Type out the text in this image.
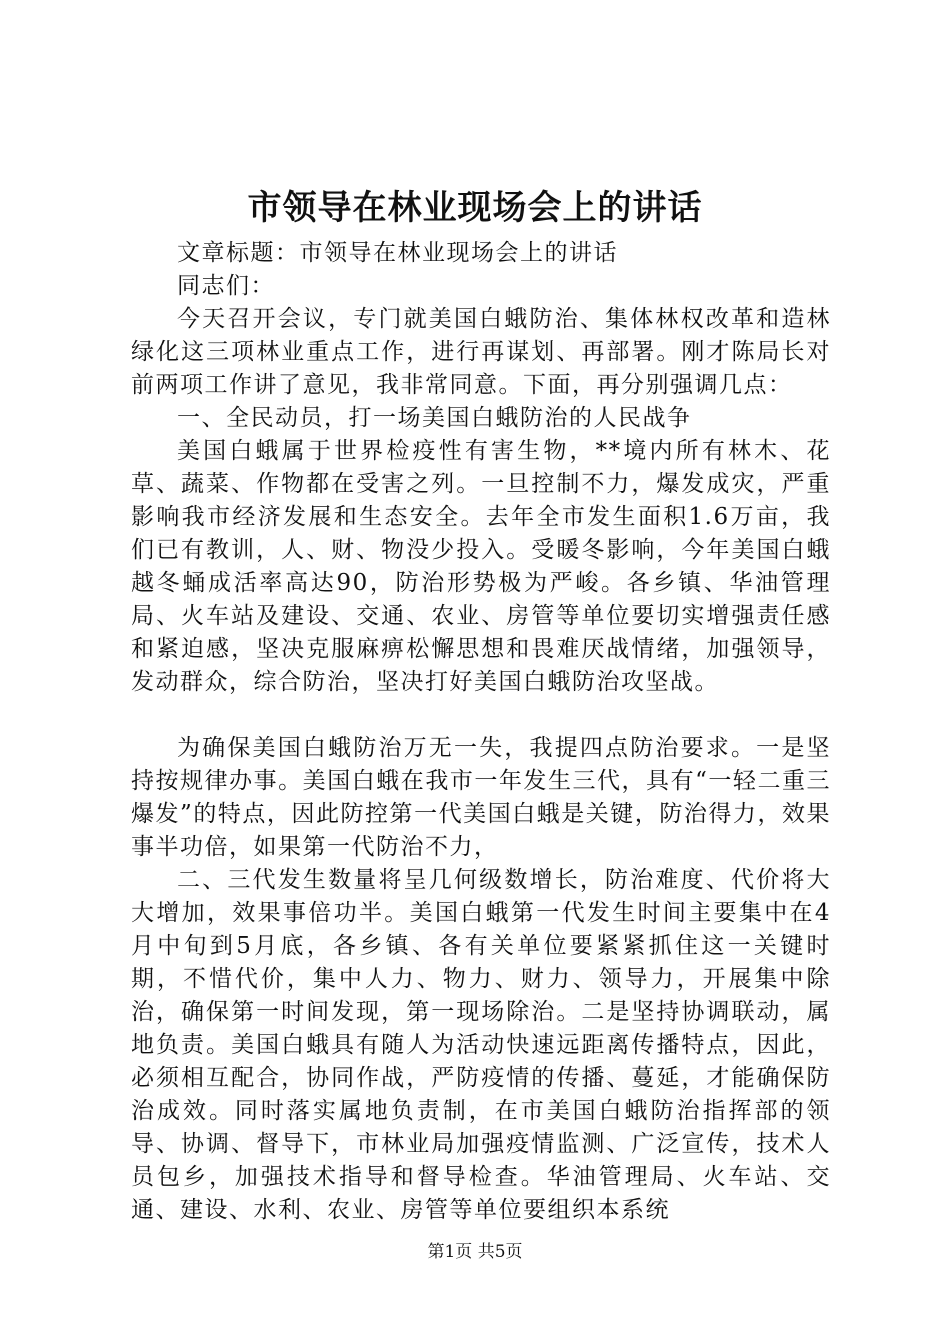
市领导在林业现场会上的讲话

文章标题：市领导在林业现场会上的讲话

同志们：

今天召开会议，专门就美国白蛾防治、集体林权改革和造林绿化这三项林业重点工作，进行再谋划、再部署。刚才陈局长对前两项工作讲了意见，我非常同意。下面，再分别强调几点：

一、全民动员，打一场美国白蛾防治的人民战争

美国白蛾属于世界检疫性有害生物，**境内所有林木、花草、蔬菜、作物都在受害之列。一旦控制不力，爆发成灾，严重影响我市经济发展和生态安全。去年全市发生面积1.6万亩，我们已有教训，人、财、物没少投入。受暖冬影响，今年美国白蛾越冬蛹成活率高达90，防治形势极为严峻。各乡镇、华油管理局、火车站及建设、交通、农业、房管等单位要切实增强责任感和紧迫感，坚决克服麻痹松懈思想和畏难厌战情绪，加强领导，发动群众，综合防治，坚决打好美国白蛾防治攻坚战。

为确保美国白蛾防治万无一失，我提四点防治要求。一是坚持按规律办事。美国白蛾在我市一年发生三代，具有“一轻二重三爆发”的特点，因此防控第一代美国白蛾是关键，防治得力，效果事半功倍，如果第一代防治不力，

二、三代发生数量将呈几何级数增长，防治难度、代价将大大增加，效果事倍功半。美国白蛾第一代发生时间主要集中在4月中旬到5月底，各乡镇、各有关单位要紧紧抓住这一关键时期，不惜代价，集中人力、物力、财力、领导力，开展集中除治，确保第一时间发现，第一现场除治。二是坚持协调联动，属地负责。美国白蛾具有随人为活动快速远距离传播特点，因此，必须相互配合，协同作战，严防疫情的传播、蔓延，才能确保防治成效。同时落实属地负责制，在市美国白蛾防治指挥部的领导、协调、督导下，市林业局加强疫情监测、广泛宣传，技术人员包乡，加强技术指导和督导检查。华油管理局、火车站、交通、建设、水利、农业、房管等单位要组织本系统

第1页 共5页
